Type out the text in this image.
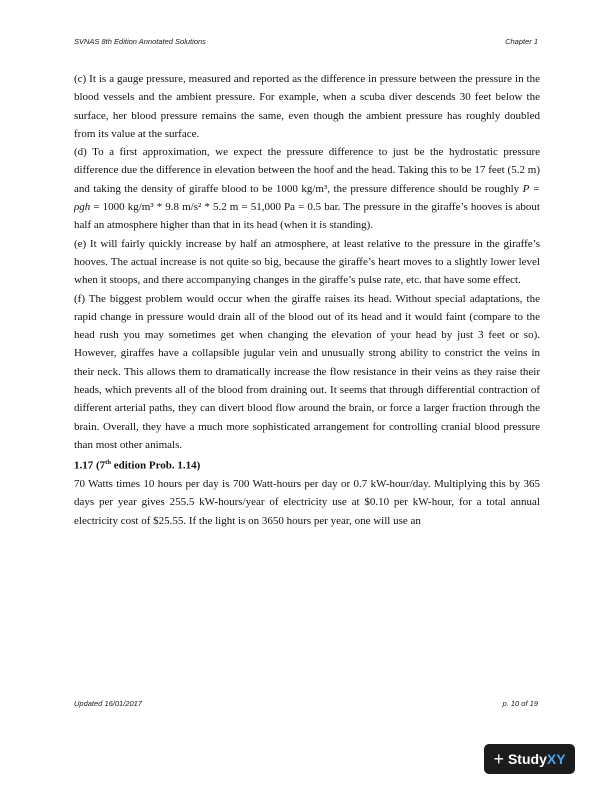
SVNAS 8th Edition Annotated Solutions	Chapter 1

(c) It is a gauge pressure, measured and reported as the difference in pressure between the pressure in the blood vessels and the ambient pressure. For example, when a scuba diver descends 30 feet below the surface, her blood pressure remains the same, even though the ambient pressure has roughly doubled from its value at the surface.

(d) To a first approximation, we expect the pressure difference to just be the hydrostatic pressure difference due the difference in elevation between the hoof and the head. Taking this to be 17 feet (5.2 m) and taking the density of giraffe blood to be 1000 kg/m³, the pressure difference should be roughly P = ρgh = 1000 kg/m³ * 9.8 m/s² * 5.2 m = 51,000 Pa = 0.5 bar. The pressure in the giraffe’s hooves is about half an atmosphere higher than that in its head (when it is standing).

(e) It will fairly quickly increase by half an atmosphere, at least relative to the pressure in the giraffe’s hooves. The actual increase is not quite so big, because the giraffe’s heart moves to a slightly lower level when it stoops, and there accompanying changes in the giraffe’s pulse rate, etc. that have some effect.

(f) The biggest problem would occur when the giraffe raises its head. Without special adaptations, the rapid change in pressure would drain all of the blood out of its head and it would faint (compare to the head rush you may sometimes get when changing the elevation of your head by just 3 feet or so). However, giraffes have a collapsible jugular vein and unusually strong ability to constrict the veins in their neck. This allows them to dramatically increase the flow resistance in their veins as they raise their heads, which prevents all of the blood from draining out. It seems that through differential contraction of different arterial paths, they can divert blood flow around the brain, or force a larger fraction through the brain. Overall, they have a much more sophisticated arrangement for controlling cranial blood pressure than most other animals.

1.17 (7th edition Prob. 1.14)

70 Watts times 10 hours per day is 700 Watt-hours per day or 0.7 kW-hour/day. Multiplying this by 365 days per year gives 255.5 kW-hours/year of electricity use at $0.10 per kW-hour, for a total annual electricity cost of $25.55. If the light is on 3650 hours per year, one will use an

Updated 16/01/2017	p. 10 of 19
+ Study XY
